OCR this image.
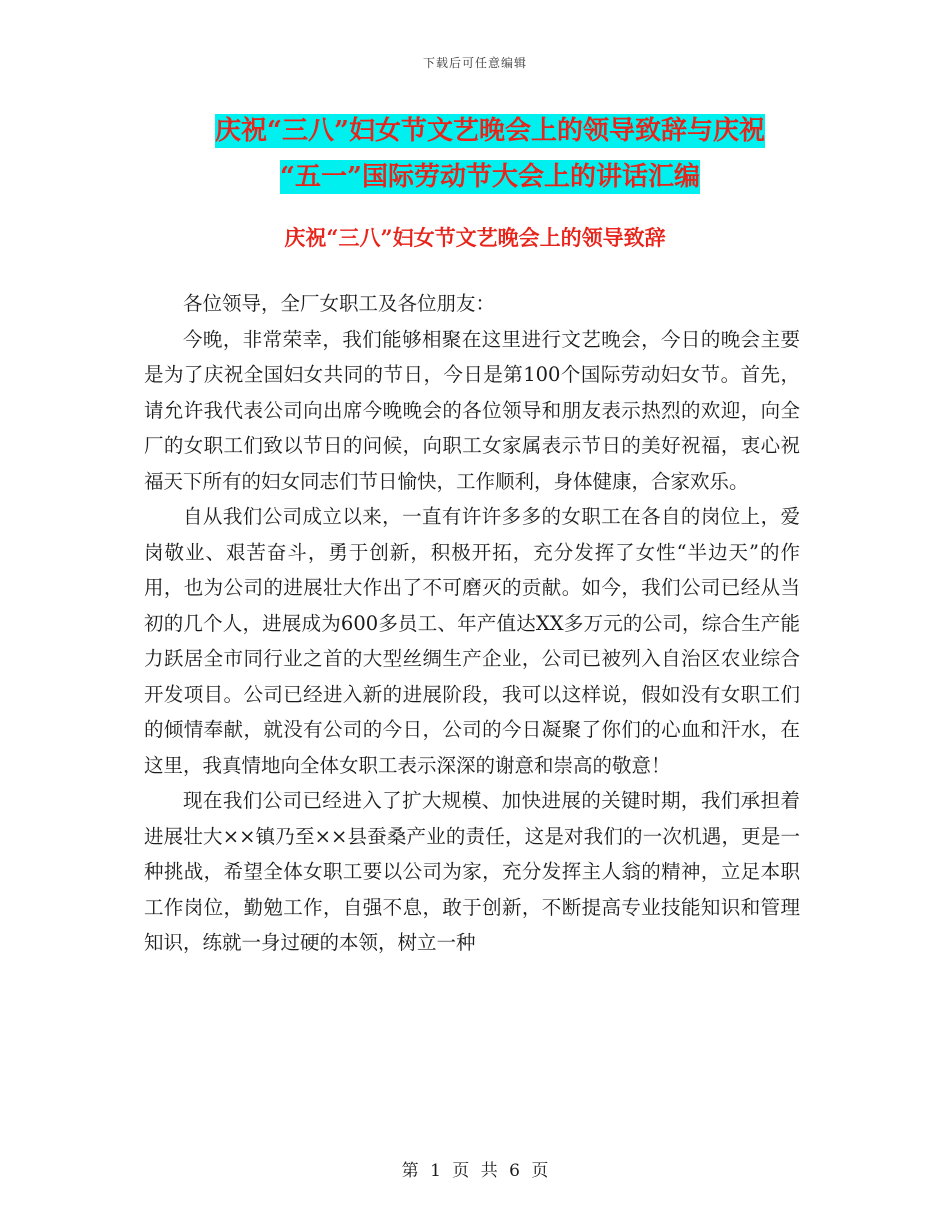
下载后可任意编辑
庆祝“三八”妇女节文艺晚会上的领导致辞与庆祝
“五一”国际劳动节大会上的讲话汇编
庆祝“三八”妇女节文艺晚会上的领导致辞

各位领导，全厂女职工及各位朋友：

今晚，非常荣幸，我们能够相聚在这里进行文艺晚会，今日的晚会主要是为了庆祝全国妇女共同的节日，今日是第100个国际劳动妇女节。首先，请允许我代表公司向出席今晚晚会的各位领导和朋友表示热烈的欢迎，向全厂的女职工们致以节日的问候，向职工女家属表示节日的美好祝福，衷心祝福天下所有的妇女同志们节日愉快，工作顺利，身体健康，合家欢乐。

自从我们公司成立以来，一直有许许多多的女职工在各自的岗位上，爱岗敬业、艰苦奋斗，勇于创新，积极开拓，充分发挥了女性“半边天”的作用，也为公司的进展壮大作出了不可磨灭的贡献。如今，我们公司已经从当初的几个人，进展成为600多员工、年产值达XX多万元的公司，综合生产能力跃居全市同行业之首的大型丝绸生产企业，公司已被列入自治区农业综合开发项目。公司已经进入新的进展阶段，我可以这样说，假如没有女职工们的倾情奉献，就没有公司的今日，公司的今日凝聚了你们的心血和汗水，在这里，我真情地向全体女职工表示深深的谢意和崇高的敬意！

现在我们公司已经进入了扩大规模、加快进展的关键时期，我们承担着进展壮大××镇乃至××县蚕桑产业的责任，这是对我们的一次机遇，更是一种挑战，希望全体女职工要以公司为家，充分发挥主人翁的精神，立足本职工作岗位，勤勉工作，自强不息，敢于创新，不断提高专业技能知识和管理知识，练就一身过硬的本领，树立一种

第 1 页 共 6 页
